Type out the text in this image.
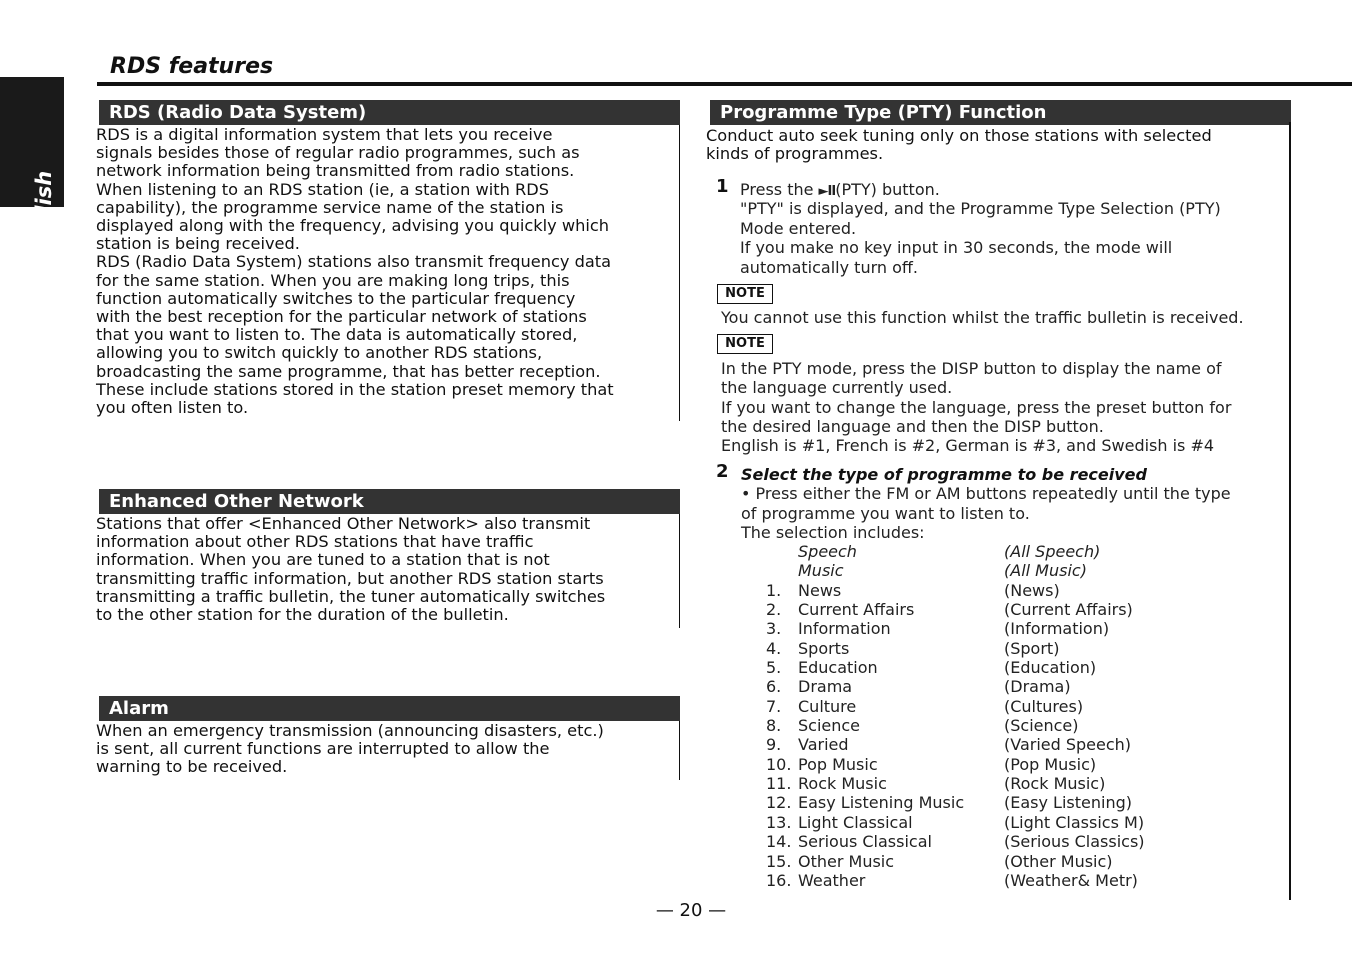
English
RDS features
RDS (Radio Data System)
RDS is a digital information system that lets you receive
signals besides those of regular radio programmes, such as
network information being transmitted from radio stations.
When listening to an RDS station (ie, a station with RDS
capability), the programme service name of the station is
displayed along with the frequency, advising you quickly which
station is being received.
RDS (Radio Data System) stations also transmit frequency data
for the same station. When you are making long trips, this
function automatically switches to the particular frequency
with the best reception for the particular network of stations
that you want to listen to. The data is automatically stored,
allowing you to switch quickly to another RDS stations,
broadcasting the same programme, that has better reception.
These include stations stored in the station preset memory that
you often listen to.
Enhanced Other Network
Stations that offer <Enhanced Other Network> also transmit
information about other RDS stations that have traffic
information. When you are tuned to a station that is not
transmitting traffic information, but another RDS station starts
transmitting a traffic bulletin, the tuner automatically switches
to the other station for the duration of the bulletin.
Alarm
When an emergency transmission (announcing disasters, etc.)
is sent, all current functions are interrupted to allow the
warning to be received.
Programme Type (PTY) Function
Conduct auto seek tuning only on those stations with selected
kinds of programmes.
1 Press the ►II(PTY) button.
"PTY" is displayed, and the Programme Type Selection (PTY)
Mode entered.
If you make no key input in 30 seconds, the mode will
automatically turn off.
NOTE
You cannot use this function whilst the traffic bulletin is received.
NOTE
In the PTY mode, press the DISP button to display the name of
the language currently used.
If you want to change the language, press the preset button for
the desired language and then the DISP button.
English is #1, French is #2, German is #3, and Swedish is #4
2 Select the type of programme to be received
• Press either the FM or AM buttons repeatedly until the type
of programme you want to listen to.
The selection includes:
Speech	(All Speech)
Music	(All Music)
1.	News	(News)
2.	Current Affairs	(Current Affairs)
3.	Information	(Information)
4.	Sports	(Sport)
5.	Education	(Education)
6.	Drama	(Drama)
7.	Culture	(Cultures)
8.	Science	(Science)
9.	Varied	(Varied Speech)
10. Pop Music	(Pop Music)
11. Rock Music	(Rock Music)
12. Easy Listening Music (Easy Listening)
13. Light Classical	(Light Classics M)
14. Serious Classical	(Serious Classics)
15. Other Music	(Other Music)
16. Weather	(Weather& Metr)
— 20 —
